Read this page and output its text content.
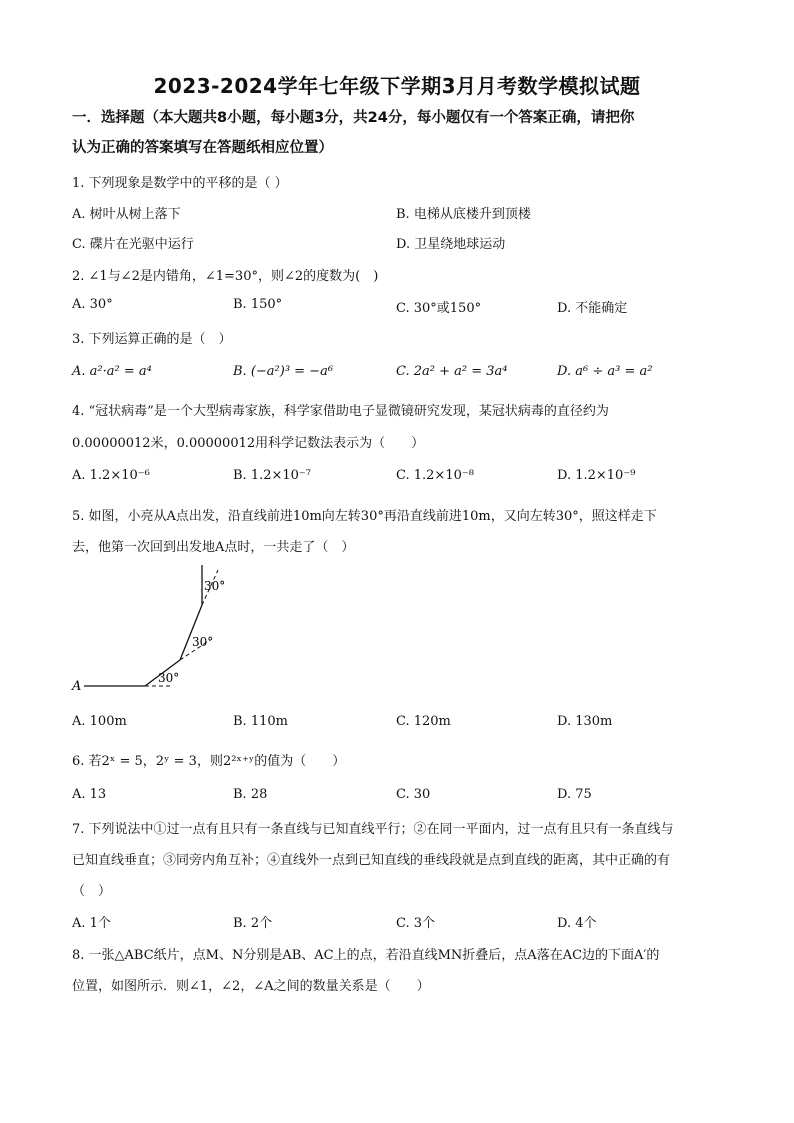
2023-2024学年七年级下学期3月月考数学模拟试题
一．选择题（本大题共8小题，每小题3分，共24分，每小题仅有一个答案正确，请把你
认为正确的答案填写在答题纸相应位置）
1. 下列现象是数学中的平移的是（ ）
A. 树叶从树上落下	B. 电梯从底楼升到顶楼
C. 碟片在光驱中运行	D. 卫星绕地球运动
2. ∠1与∠2是内错角，∠1=30°，则∠2的度数为(　)
A. 30°	B. 150°	C. 30°或150°	D. 不能确定
3. 下列运算正确的是（　）
A. a²·a² = a⁴	B. (−a²)³ = −a⁶	C. 2a² + a² = 3a⁴	D. a⁶ ÷ a³ = a²
4. “冠状病毒”是一个大型病毒家族，科学家借助电子显微镜研究发现，某冠状病毒的直径约为
0.00000012米，0.00000012用科学记数法表示为（　　）
A. 1.2×10⁻⁶	B. 1.2×10⁻⁷	C. 1.2×10⁻⁸	D. 1.2×10⁻⁹
5. 如图，小亮从A点出发，沿直线前进10m向左转30°再沿直线前进10m，又向左转30°，照这样走下
去，他第一次回到出发地A点时，一共走了（　）
A
30°
30°
30°
A. 100m	B. 110m	C. 120m	D. 130m
6. 若2ˣ = 5，2ʸ = 3，则2²ˣ⁺ʸ的值为（　　）
A. 13	B. 28	C. 30	D. 75
7. 下列说法中①过一点有且只有一条直线与已知直线平行；②在同一平面内，过一点有且只有一条直线与
已知直线垂直；③同旁内角互补；④直线外一点到已知直线的垂线段就是点到直线的距离，其中正确的有
（　）
A. 1个	B. 2个	C. 3个	D. 4个
8. 一张△ABC纸片，点M、N分别是AB、AC上的点，若沿直线MN折叠后，点A落在AC边的下面A′的
位置，如图所示．则∠1，∠2，∠A之间的数量关系是（　　）
